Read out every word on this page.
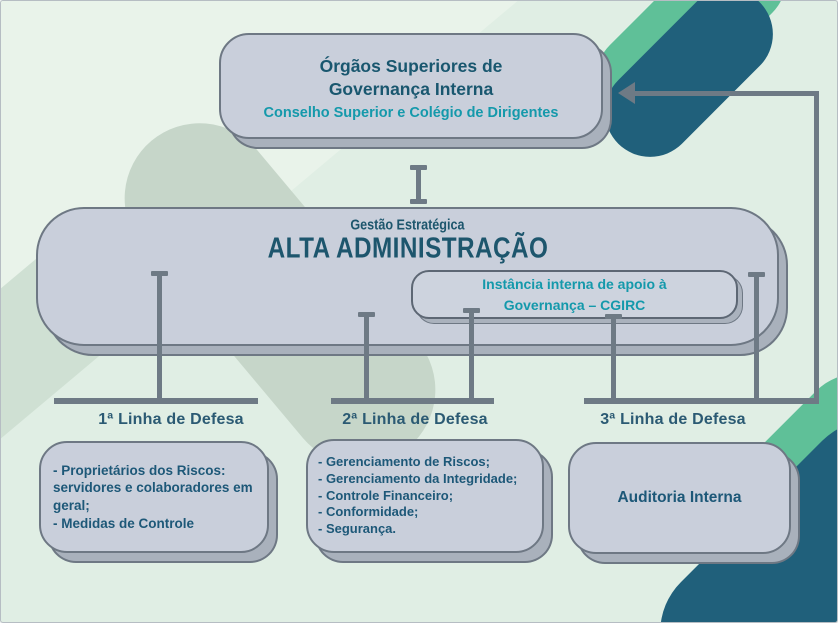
Órgãos Superiores de
Governança Interna
Conselho Superior e Colégio de Dirigentes
Gestão Estratégica
ALTA ADMINISTRAÇÃO
Instância interna de apoio à
Governança – CGIRC
1ª Linha de Defesa	2ª Linha de Defesa	3ª Linha de Defesa
- Proprietários dos Riscos: servidores e colaboradores em geral;
- Medidas de Controle
- Gerenciamento de Riscos;
- Gerenciamento da Integridade;
- Controle Financeiro;
- Conformidade;
- Segurança.
Auditoria Interna
